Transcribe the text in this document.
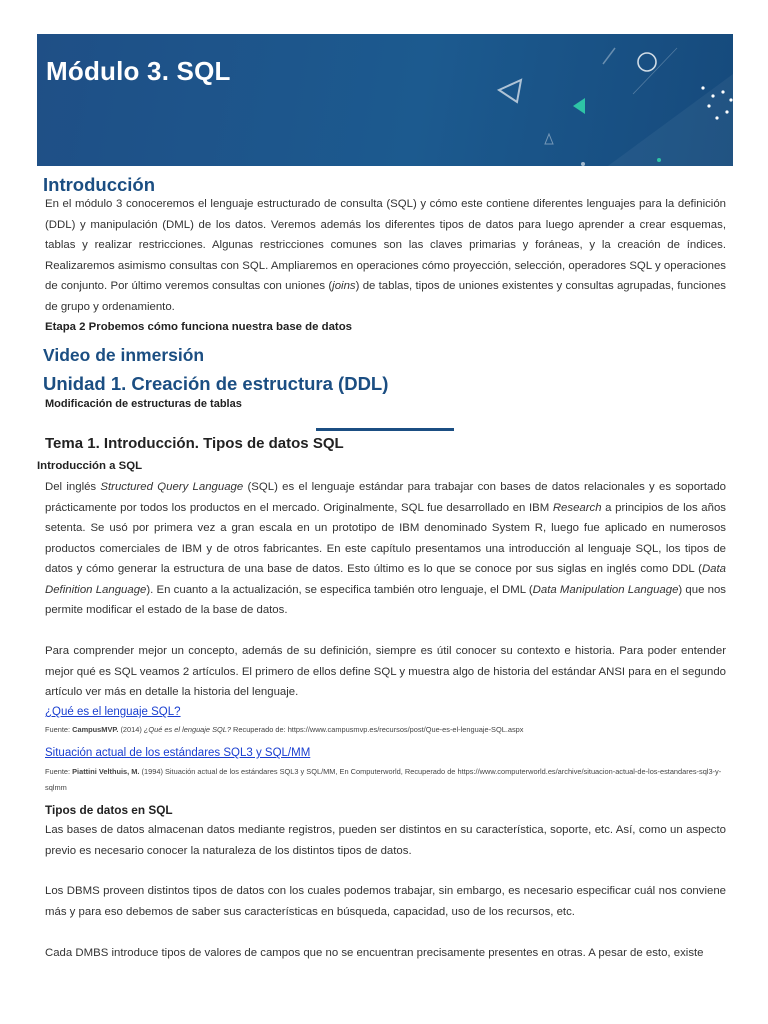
Módulo 3. SQL
Introducción
En el módulo 3 conoceremos el lenguaje estructurado de consulta (SQL) y cómo este contiene diferentes lenguajes para la definición (DDL) y manipulación (DML) de los datos. Veremos además los diferentes tipos de datos para luego aprender a crear esquemas, tablas y realizar restricciones. Algunas restricciones comunes son las claves primarias y foráneas, y la creación de índices. Realizaremos asimismo consultas con SQL. Ampliaremos en operaciones cómo proyección, selección, operadores SQL y operaciones de conjunto. Por último veremos consultas con uniones (joins) de tablas, tipos de uniones existentes y consultas agrupadas, funciones de grupo y ordenamiento.
Etapa 2 Probemos cómo funciona nuestra base de datos
Video de inmersión
Unidad 1. Creación de estructura (DDL)
Modificación de estructuras de tablas
Tema 1. Introducción. Tipos de datos SQL
Introducción a SQL
Del inglés Structured Query Language (SQL) es el lenguaje estándar para trabajar con bases de datos relacionales y es soportado prácticamente por todos los productos en el mercado. Originalmente, SQL fue desarrollado en IBM Research a principios de los años setenta. Se usó por primera vez a gran escala en un prototipo de IBM denominado System R, luego fue aplicado en numerosos productos comerciales de IBM y de otros fabricantes. En este capítulo presentamos una introducción al lenguaje SQL, los tipos de datos y cómo generar la estructura de una base de datos. Esto último es lo que se conoce por sus siglas en inglés como DDL (Data Definition Language). En cuanto a la actualización, se especifica también otro lenguaje, el DML (Data Manipulation Language) que nos permite modificar el estado de la base de datos.
Para comprender mejor un concepto, además de su definición, siempre es útil conocer su contexto e historia. Para poder entender mejor qué es SQL veamos 2 artículos. El primero de ellos define SQL y muestra algo de historia del estándar ANSI para en el segundo artículo ver más en detalle la historia del lenguaje.
¿Qué es el lenguaje SQL?
Fuente: CampusMVP. (2014) ¿Qué es el lenguaje SQL? Recuperado de: https://www.campusmvp.es/recursos/post/Que-es-el-lenguaje-SQL.aspx
Situación actual de los estándares SQL3 y SQL/MM
Fuente: Piattini Velthuis, M. (1994) Situación actual de los estándares SQL3 y SQL/MM, En Computerworld, Recuperado de https://www.computerworld.es/archive/situacion-actual-de-los-estandares-sql3-y-sqlmm
Tipos de datos en SQL
Las bases de datos almacenan datos mediante registros, pueden ser distintos en su característica, soporte, etc. Así, como un aspecto previo es necesario conocer la naturaleza de los distintos tipos de datos.
Los DBMS proveen distintos tipos de datos con los cuales podemos trabajar, sin embargo, es necesario especificar cuál nos conviene más y para eso debemos de saber sus características en búsqueda, capacidad, uso de los recursos, etc.
Cada DMBS introduce tipos de valores de campos que no se encuentran precisamente presentes en otras. A pesar de esto, existe
